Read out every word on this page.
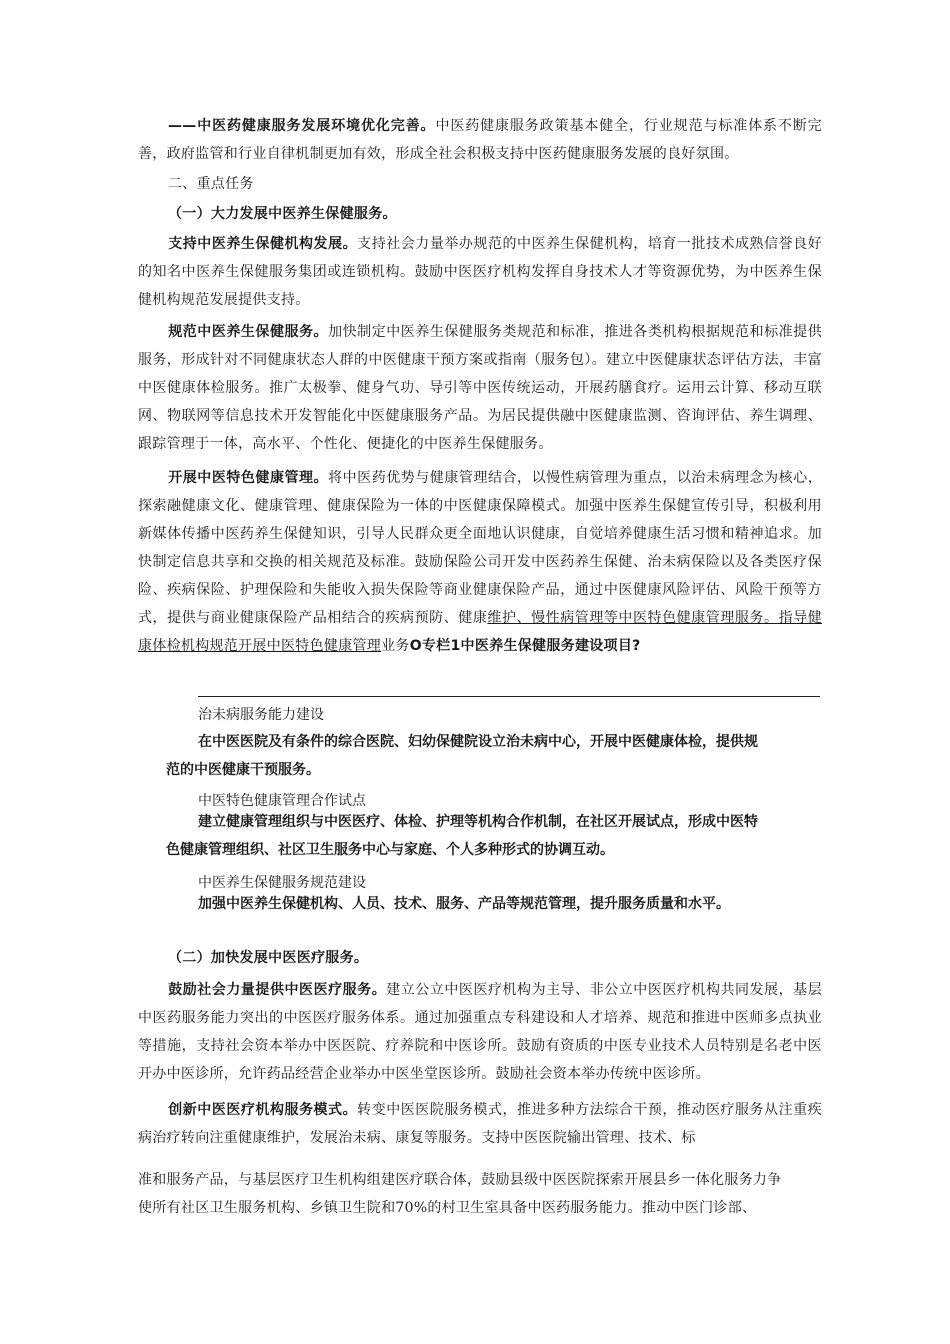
——中医药健康服务发展环境优化完善。中医药健康服务政策基本健全，行业规范与标准体系不断完善，政府监管和行业自律机制更加有效，形成全社会积极支持中医药健康服务发展的良好氛围。

二、重点任务

（一）大力发展中医养生保健服务。

支持中医养生保健机构发展。支持社会力量举办规范的中医养生保健机构，培育一批技术成熟信誉良好的知名中医养生保健服务集团或连锁机构。鼓励中医医疗机构发挥自身技术人才等资源优势，为中医养生保健机构规范发展提供支持。

规范中医养生保健服务。加快制定中医养生保健服务类规范和标准，推进各类机构根据规范和标准提供服务，形成针对不同健康状态人群的中医健康干预方案或指南（服务包）。建立中医健康状态评估方法，丰富中医健康体检服务。推广太极拳、健身气功、导引等中医传统运动，开展药膳食疗。运用云计算、移动互联网、物联网等信息技术开发智能化中医健康服务产品。为居民提供融中医健康监测、咨询评估、养生调理、跟踪管理于一体，高水平、个性化、便捷化的中医养生保健服务。

开展中医特色健康管理。将中医药优势与健康管理结合，以慢性病管理为重点，以治未病理念为核心，探索融健康文化、健康管理、健康保险为一体的中医健康保障模式。加强中医养生保健宣传引导，积极利用新媒体传播中医药养生保健知识，引导人民群众更全面地认识健康，自觉培养健康生活习惯和精神追求。加快制定信息共享和交换的相关规范及标准。鼓励保险公司开发中医药养生保健、治未病保险以及各类医疗保险、疾病保险、护理保险和失能收入损失保险等商业健康保险产品，通过中医健康风险评估、风险干预等方式，提供与商业健康保险产品相结合的疾病预防、健康维护、慢性病管理等中医特色健康管理服务。指导健康体检机构规范开展中医特色健康管理业务O专栏1中医养生保健服务建设项目?

治未病服务能力建设

在中医医院及有条件的综合医院、妇幼保健院设立治未病中心，开展中医健康体检，提供规范的中医健康干预服务。

中医特色健康管理合作试点

建立健康管理组织与中医医疗、体检、护理等机构合作机制，在社区开展试点，形成中医特色健康管理组织、社区卫生服务中心与家庭、个人多种形式的协调互动。

中医养生保健服务规范建设

加强中医养生保健机构、人员、技术、服务、产品等规范管理，提升服务质量和水平。

（二）加快发展中医医疗服务。

鼓励社会力量提供中医医疗服务。建立公立中医医疗机构为主导、非公立中医医疗机构共同发展，基层中医药服务能力突出的中医医疗服务体系。通过加强重点专科建设和人才培养、规范和推进中医师多点执业等措施，支持社会资本举办中医医院、疗养院和中医诊所。鼓励有资质的中医专业技术人员特别是名老中医开办中医诊所，允许药品经营企业举办中医坐堂医诊所。鼓励社会资本举办传统中医诊所。

创新中医医疗机构服务模式。转变中医医院服务模式，推进多种方法综合干预，推动医疗服务从注重疾病治疗转向注重健康维护，发展治未病、康复等服务。支持中医医院输出管理、技术、标

准和服务产品，与基层医疗卫生机构组建医疗联合体，鼓励县级中医医院探索开展县乡一体化服务力争

使所有社区卫生服务机构、乡镇卫生院和70%的村卫生室具备中医药服务能力。推动中医门诊部、
